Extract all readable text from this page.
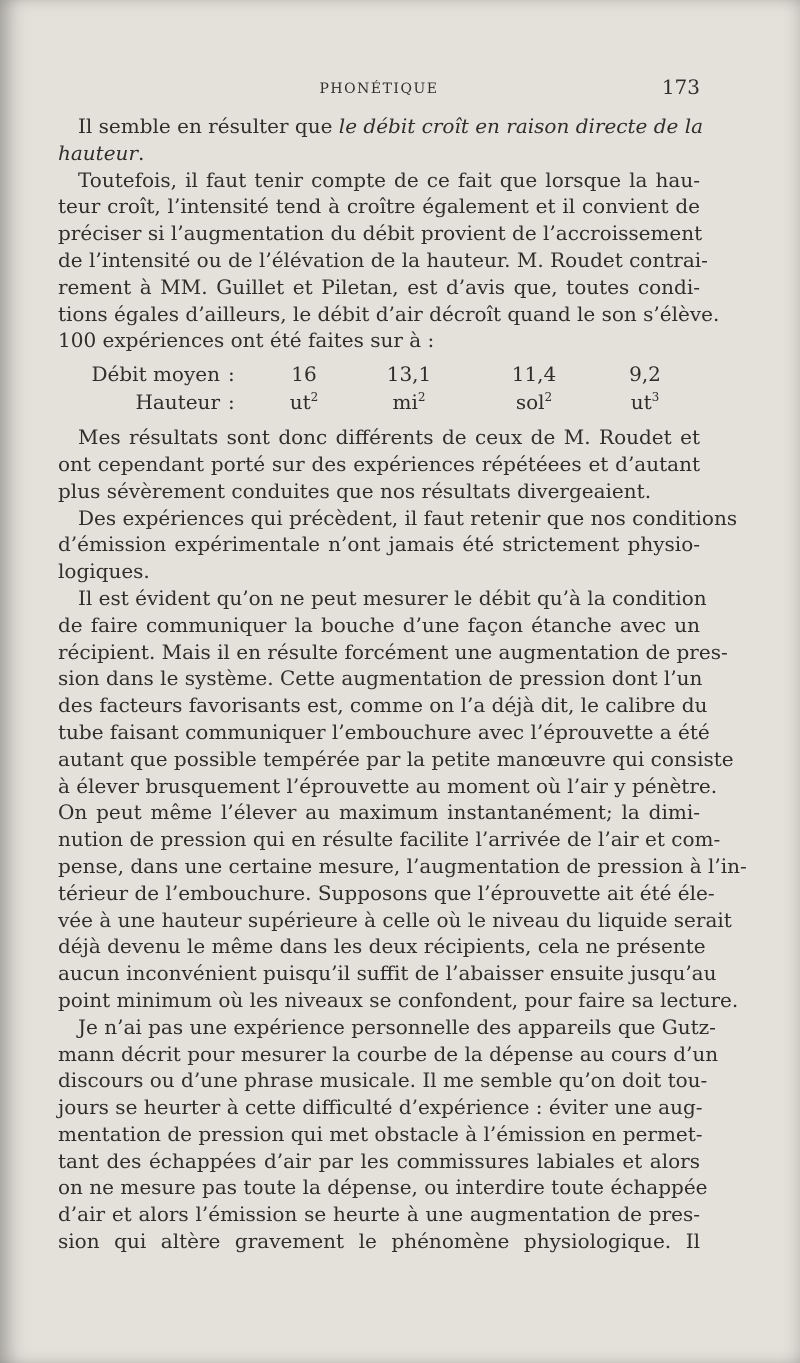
PHONÉTIQUE	173
Il semble en résulter que le débit croît en raison directe de la
hauteur.
Toutefois, il faut tenir compte de ce fait que lorsque la hau-
teur croît, l’intensité tend à croître également et il convient de
préciser si l’augmentation du débit provient de l’accroissement
de l’intensité ou de l’élévation de la hauteur. M. Roudet contrai-
rement à MM. Guillet et Piletan, est d’avis que, toutes condi-
tions égales d’ailleurs, le débit d’air décroît quand le son s’élève.
100 expériences ont été faites sur à :
Débit moyen :	16	13,1	11,4	9,2
Hauteur :	$ut^2$	$mi^2$	sol$^2$	$ut^3$
Mes résultats sont donc différents de ceux de M. Roudet et
ont cependant porté sur des expériences répétéees et d’autant
plus sévèrement conduites que nos résultats divergeaient.
Des expériences qui précèdent, il faut retenir que nos conditions
d’émission expérimentale n’ont jamais été strictement physio-
logiques.
Il est évident qu’on ne peut mesurer le débit qu’à la condition
de faire communiquer la bouche d’une façon étanche avec un
récipient. Mais il en résulte forcément une augmentation de pres-
sion dans le système. Cette augmentation de pression dont l’un
des facteurs favorisants est, comme on l’a déjà dit, le calibre du
tube faisant communiquer l’embouchure avec l’éprouvette a été
autant que possible tempérée par la petite manœuvre qui consiste
à élever brusquement l’éprouvette au moment où l’air y pénètre.
On peut même l’élever au maximum instantanément; la dimi-
nution de pression qui en résulte facilite l’arrivée de l’air et com-
pense, dans une certaine mesure, l’augmentation de pression à l’in-
térieur de l’embouchure. Supposons que l’éprouvette ait été éle-
vée à une hauteur supérieure à celle où le niveau du liquide serait
déjà devenu le même dans les deux récipients, cela ne présente
aucun inconvénient puisqu’il suffit de l’abaisser ensuite jusqu’au
point minimum où les niveaux se confondent, pour faire sa lecture.
Je n’ai pas une expérience personnelle des appareils que Gutz-
mann décrit pour mesurer la courbe de la dépense au cours d’un
discours ou d’une phrase musicale. Il me semble qu’on doit tou-
jours se heurter à cette difficulté d’expérience : éviter une aug-
mentation de pression qui met obstacle à l’émission en permet-
tant des échappées d’air par les commissures labiales et alors
on ne mesure pas toute la dépense, ou interdire toute échappée
d’air et alors l’émission se heurte à une augmentation de pres-
sion qui altère gravement le phénomène physiologique. Il
